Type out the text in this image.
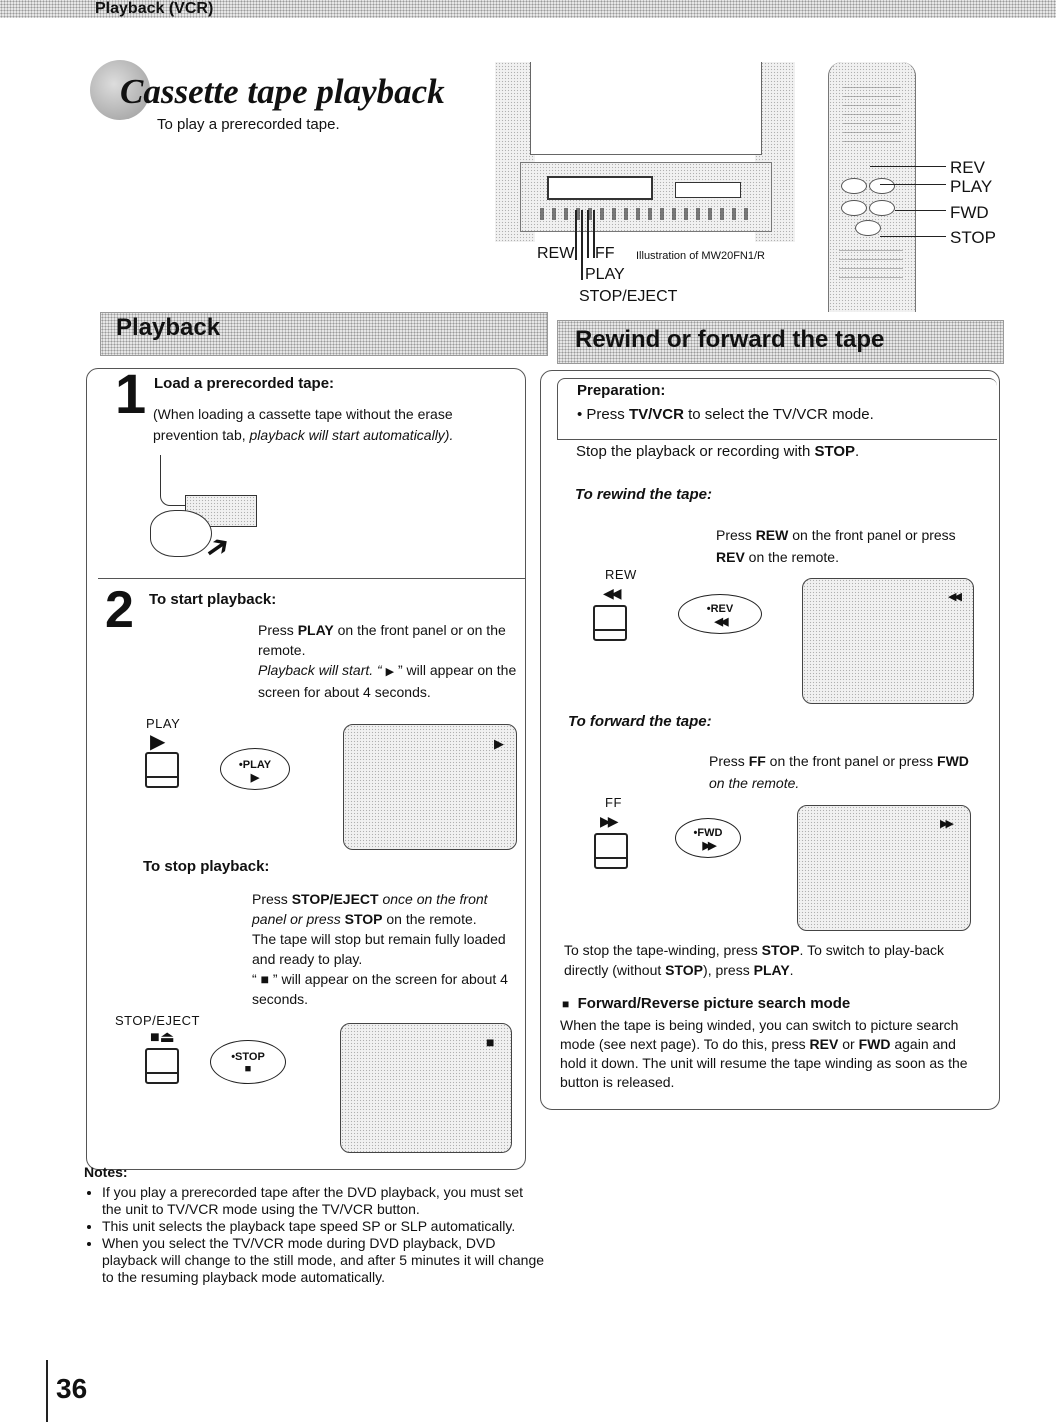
Playback (VCR)
Cassette tape playback
To play a prerecorded tape.
REW FF Illustration of MW20FN1/R
PLAY
STOP/EJECT
REV
PLAY
FWD
STOP
Playback
1 Load a prerecorded tape:
(When loading a cassette tape without the erase prevention tab, playback will start automatically).
➔
2 To start playback:
Press PLAY on the front panel or on the remote.
Playback will start. “ ▶ ” will appear on the screen for about 4 seconds.
PLAY
▶
•PLAY
▶
▶
To stop playback:
Press STOP/EJECT once on the front panel or press STOP on the remote.
The tape will stop but remain fully loaded and ready to play.
“ ■ ” will appear on the screen for about 4 seconds.
STOP/EJECT
■⏏
•STOP
■
■
Rewind or forward the tape
Preparation:
• Press TV/VCR to select the TV/VCR mode.
Stop the playback or recording with STOP.
To rewind the tape:
Press REW on the front panel or press REV on the remote.
REW
◀◀
•REV
◀◀
◀◀
To forward the tape:
Press FF on the front panel or press FWD on the remote.
FF
▶▶
•FWD
▶▶
▶▶
To stop the tape-winding, press STOP. To switch to play-back directly (without STOP), press PLAY.
■ Forward/Reverse picture search mode
When the tape is being winded, you can switch to picture search mode (see next page). To do this, press REV or FWD again and hold it down. The unit will resume the tape winding as soon as the button is released.
Notes:
• If you play a prerecorded tape after the DVD playback, you must set the unit to TV/VCR mode using the TV/VCR button.
• This unit selects the playback tape speed SP or SLP automatically.
• When you select the TV/VCR mode during DVD playback, DVD playback will change to the still mode, and after 5 minutes it will change to the resuming playback mode automatically.
36
